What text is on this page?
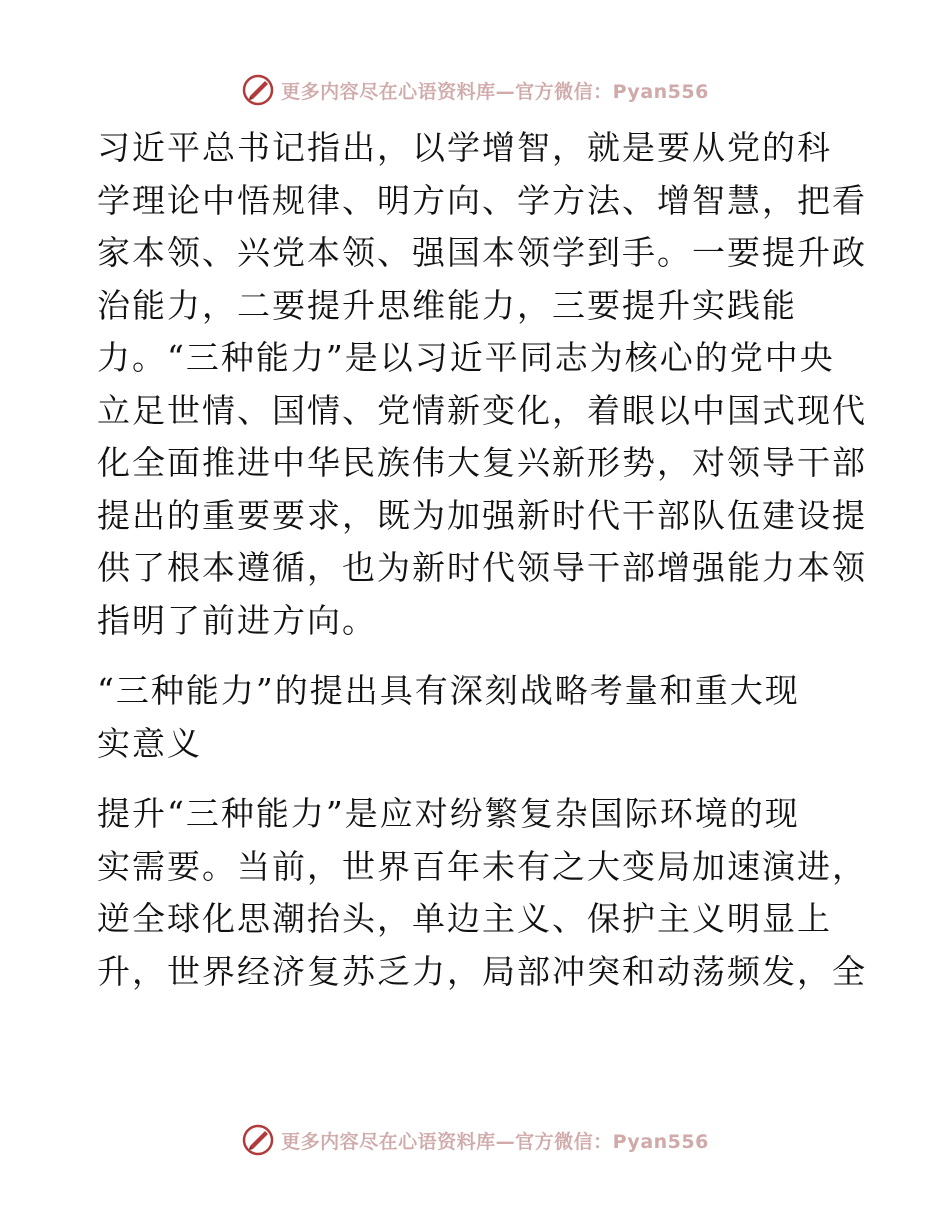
更多内容尽在心语资料库—官方微信：Pyan556

习近平总书记指出，以学增智，就是要从党的科
学理论中悟规律、明方向、学方法、增智慧，把看
家本领、兴党本领、强国本领学到手。一要提升政
治能力，二要提升思维能力，三要提升实践能
力。“三种能力”是以习近平同志为核心的党中央
立足世情、国情、党情新变化，着眼以中国式现代
化全面推进中华民族伟大复兴新形势，对领导干部
提出的重要要求，既为加强新时代干部队伍建设提
供了根本遵循，也为新时代领导干部增强能力本领
指明了前进方向。

“三种能力”的提出具有深刻战略考量和重大现
实意义

提升“三种能力”是应对纷繁复杂国际环境的现
实需要。当前，世界百年未有之大变局加速演进，
逆全球化思潮抬头，单边主义、保护主义明显上
升，世界经济复苏乏力，局部冲突和动荡频发，全

更多内容尽在心语资料库—官方微信：Pyan556
